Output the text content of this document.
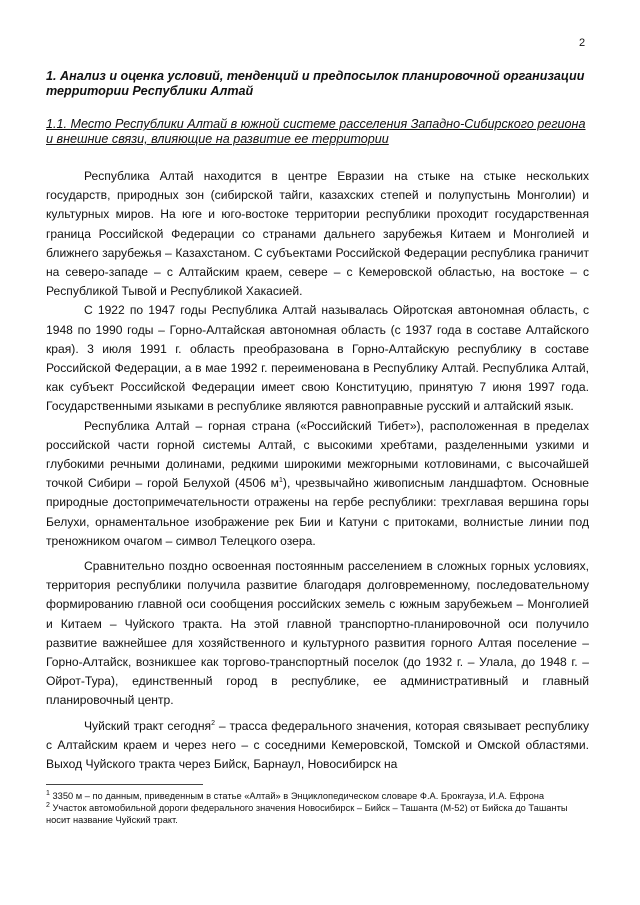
2

1. Анализ и оценка условий, тенденций и предпосылок планировочной организации территории Республики Алтай

1.1. Место Республики Алтай в южной системе расселения Западно-Сибирского региона и внешние связи, влияющие на развитие ее территории

Республика Алтай находится в центре Евразии на стыке на стыке нескольких государств, природных зон (сибирской тайги, казахских степей и полупустынь Монголии) и культурных миров. На юге и юго-востоке территории республики проходит государственная граница Российской Федерации со странами дальнего зарубежья Китаем и Монголией и ближнего зарубежья – Казахстаном. С субъектами Российской Федерации республика граничит на северо-западе – с Алтайским краем, севере – с Кемеровской областью, на востоке – с Республикой Тывой и Республикой Хакасией.

С 1922 по 1947 годы Республика Алтай называлась Ойротская автономная область, с 1948 по 1990 годы – Горно-Алтайская автономная область (с 1937 года в составе Алтайского края). 3 июля 1991 г. область преобразована в Горно-Алтайскую республику в составе Российской Федерации, а в мае 1992 г. переименована в Республику Алтай. Республика Алтай, как субъект Российской Федерации имеет свою Конституцию, принятую 7 июня 1997 года. Государственными языками в республике являются равноправные русский и алтайский язык.

Республика Алтай – горная страна («Российский Тибет»), расположенная в пределах российской части горной системы Алтай, с высокими хребтами, разделенными узкими и глубокими речными долинами, редкими широкими межгорными котловинами, с высочайшей точкой Сибири – горой Белухой (4506 $м^1$), чрезвычайно живописным ландшафтом. Основные природные достопримечательности отражены на гербе республики: трехглавая вершина горы Белухи, орнаментальное изображение рек Бии и Катуни с притоками, волнистые линии под треножником очагом – символ Телецкого озера.

Сравнительно поздно освоенная постоянным расселением в сложных горных условиях, территория республики получила развитие благодаря долговременному, последовательному формированию главной оси сообщения российских земель с южным зарубежьем – Монголией и Китаем – Чуйского тракта. На этой главной транспортно-планировочной оси получило развитие важнейшее для хозяйственного и культурного развития горного Алтая поселение – Горно-Алтайск, возникшее как торгово-транспортный поселок (до 1932 г. – Улала, до 1948 г. – Ойрот-Тура), единственный город в республике, ее административный и главный планировочный центр.

Чуйский тракт сегодня$^2$ – трасса федерального значения, которая связывает республику с Алтайским краем и через него – с соседними Кемеровской, Томской и Омской областями. Выход Чуйского тракта через Бийск, Барнаул, Новосибирск на

$^1$ 3350 м – по данным, приведенным в статье «Алтай» в Энциклопедическом словаре Ф.А. Брокгауза, И.А. Ефрона

$^2$ Участок автомобильной дороги федерального значения Новосибирск – Бийск – Ташанта (М-52) от Бийска до Ташанты носит название Чуйский тракт.
